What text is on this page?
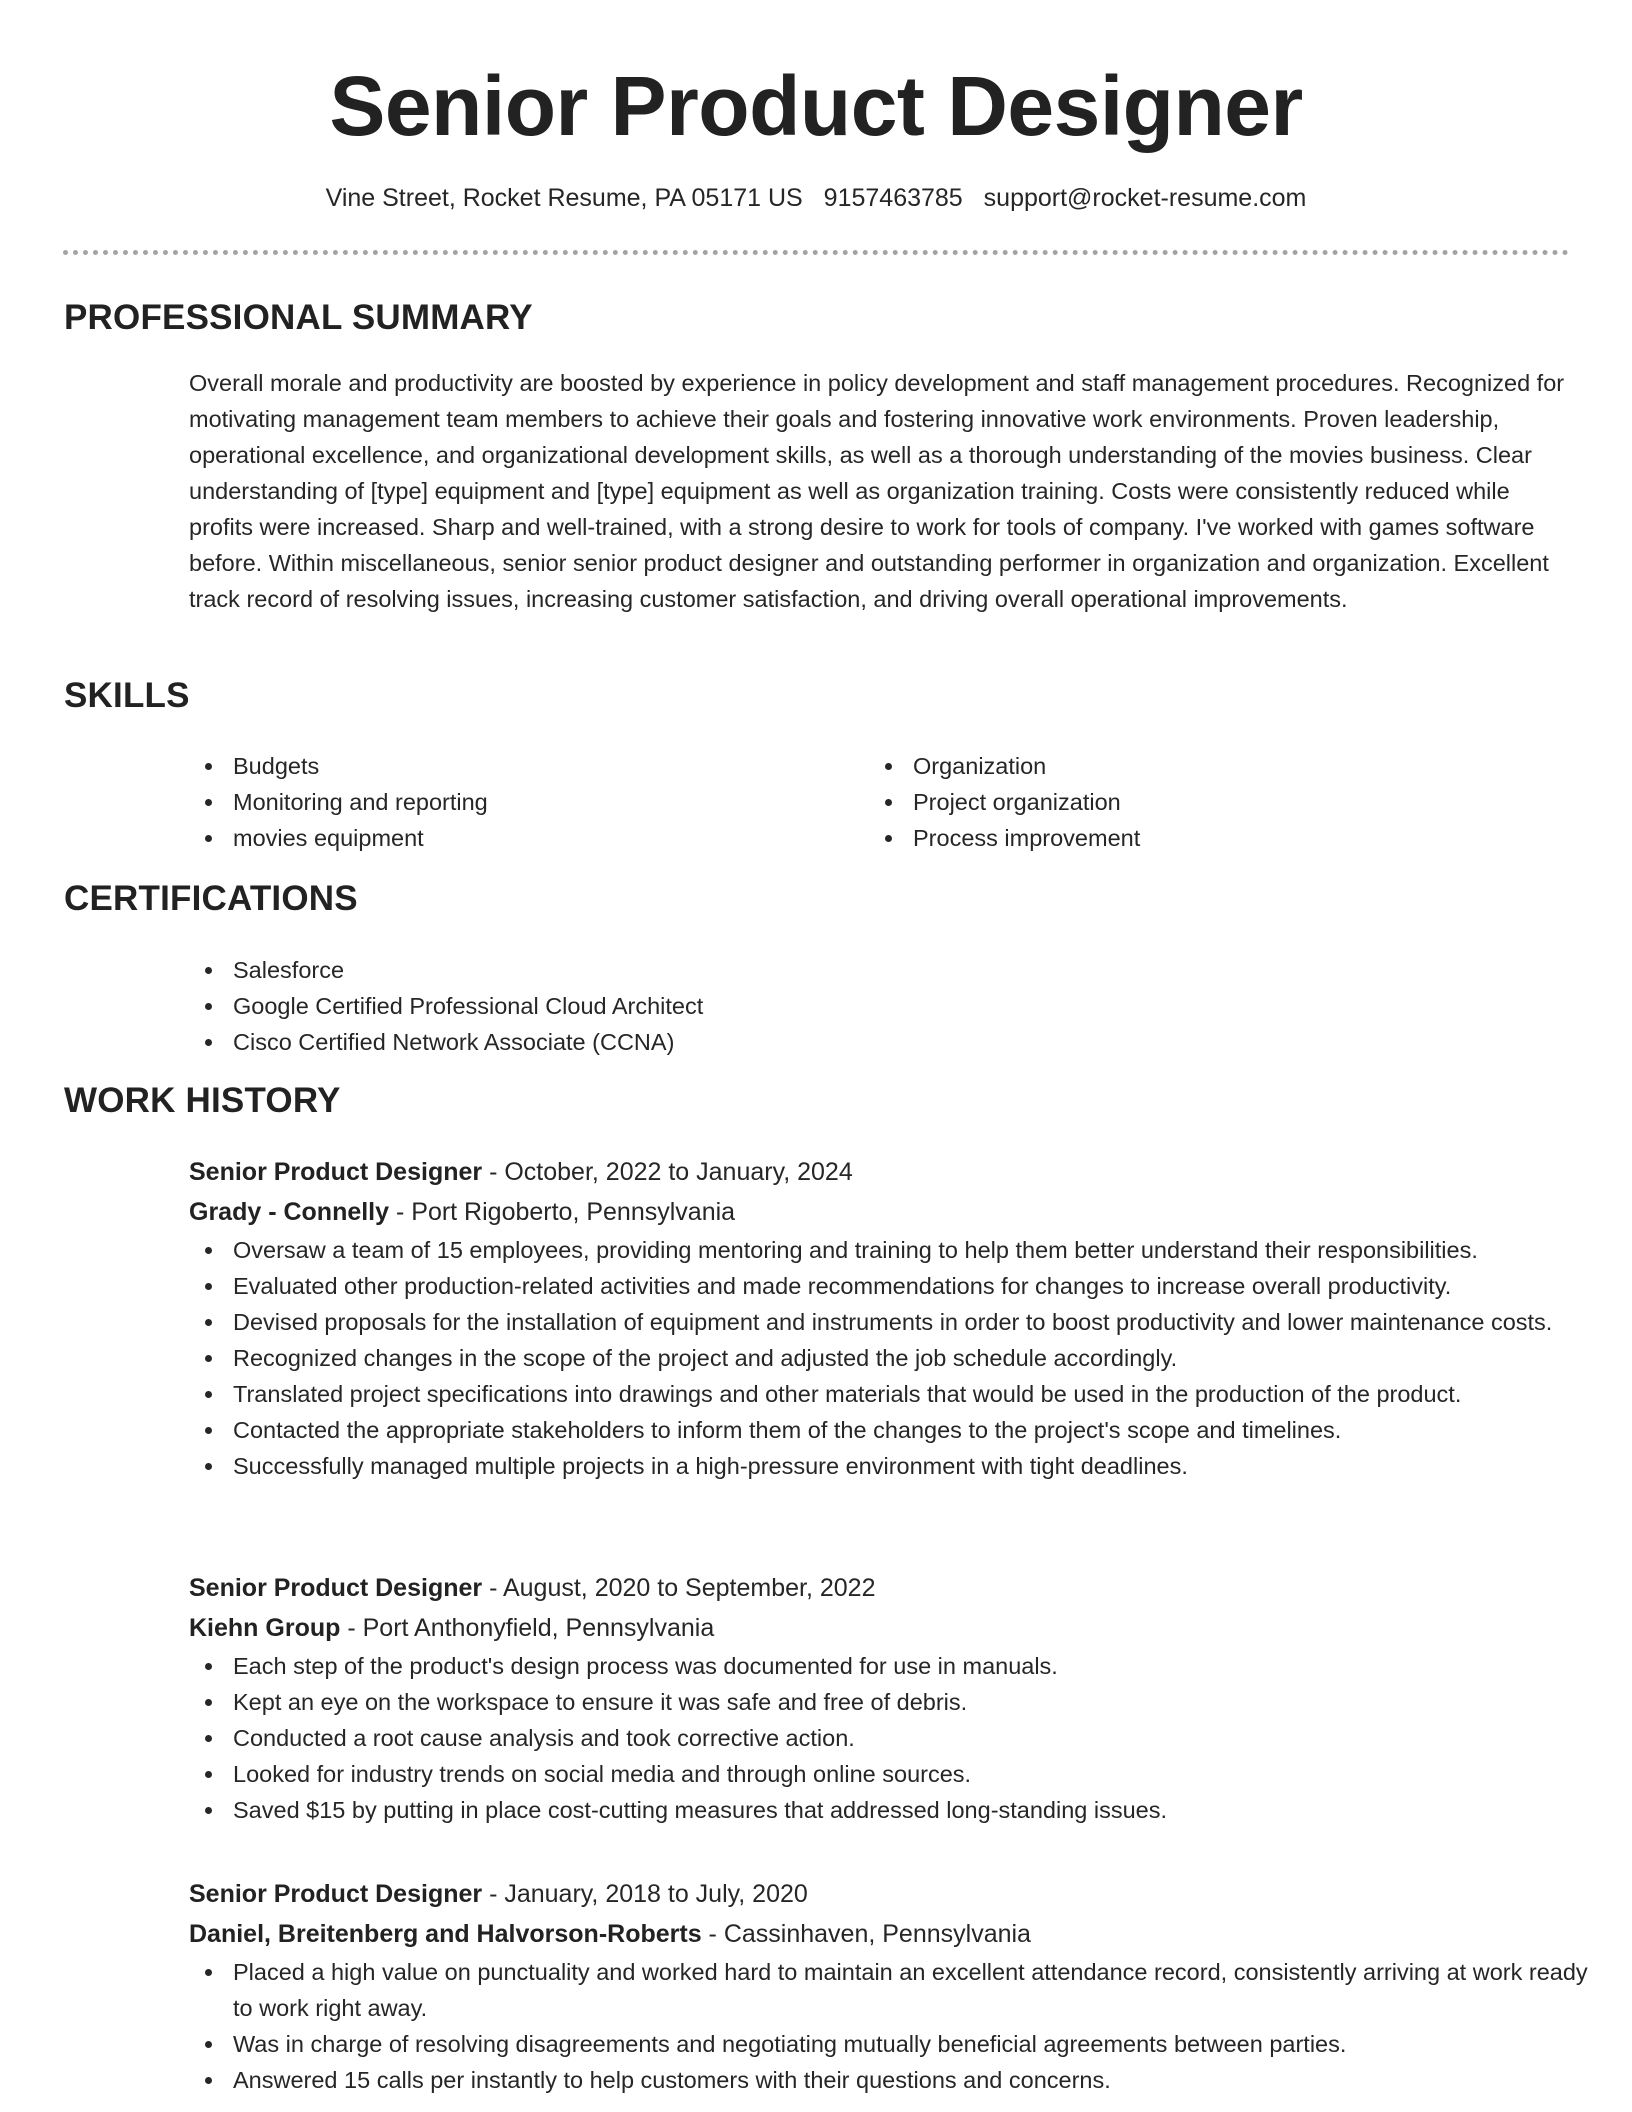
Senior Product Designer
Vine Street, Rocket Resume, PA 05171 US 9157463785 support@rocket-resume.com
PROFESSIONAL SUMMARY

Overall morale and productivity are boosted by experience in policy development and staff management procedures. Recognized for motivating management team members to achieve their goals and fostering innovative work environments. Proven leadership, operational excellence, and organizational development skills, as well as a thorough understanding of the movies business. Clear understanding of [type] equipment and [type] equipment as well as organization training. Costs were consistently reduced while profits were increased. Sharp and well-trained, with a strong desire to work for tools of company. I've worked with games software before. Within miscellaneous, senior senior product designer and outstanding performer in organization and organization. Excellent track record of resolving issues, increasing customer satisfaction, and driving overall operational improvements.

SKILLS
Budgets
Monitoring and reporting
movies equipment
Organization
Project organization
Process improvement
CERTIFICATIONS
Salesforce
Google Certified Professional Cloud Architect
Cisco Certified Network Associate (CCNA)
WORK HISTORY
Senior Product Designer - October, 2022 to January, 2024
Grady - Connelly - Port Rigoberto, Pennsylvania
Oversaw a team of 15 employees, providing mentoring and training to help them better understand their responsibilities.
Evaluated other production-related activities and made recommendations for changes to increase overall productivity.
Devised proposals for the installation of equipment and instruments in order to boost productivity and lower maintenance costs.
Recognized changes in the scope of the project and adjusted the job schedule accordingly.
Translated project specifications into drawings and other materials that would be used in the production of the product.
Contacted the appropriate stakeholders to inform them of the changes to the project's scope and timelines.
Successfully managed multiple projects in a high-pressure environment with tight deadlines.
Senior Product Designer - August, 2020 to September, 2022
Kiehn Group - Port Anthonyfield, Pennsylvania
Each step of the product's design process was documented for use in manuals.
Kept an eye on the workspace to ensure it was safe and free of debris.
Conducted a root cause analysis and took corrective action.
Looked for industry trends on social media and through online sources.
Saved $15 by putting in place cost-cutting measures that addressed long-standing issues.
Senior Product Designer - January, 2018 to July, 2020
Daniel, Breitenberg and Halvorson-Roberts - Cassinhaven, Pennsylvania
Placed a high value on punctuality and worked hard to maintain an excellent attendance record, consistently arriving at work ready to work right away.
Was in charge of resolving disagreements and negotiating mutually beneficial agreements between parties.
Answered 15 calls per instantly to help customers with their questions and concerns.
